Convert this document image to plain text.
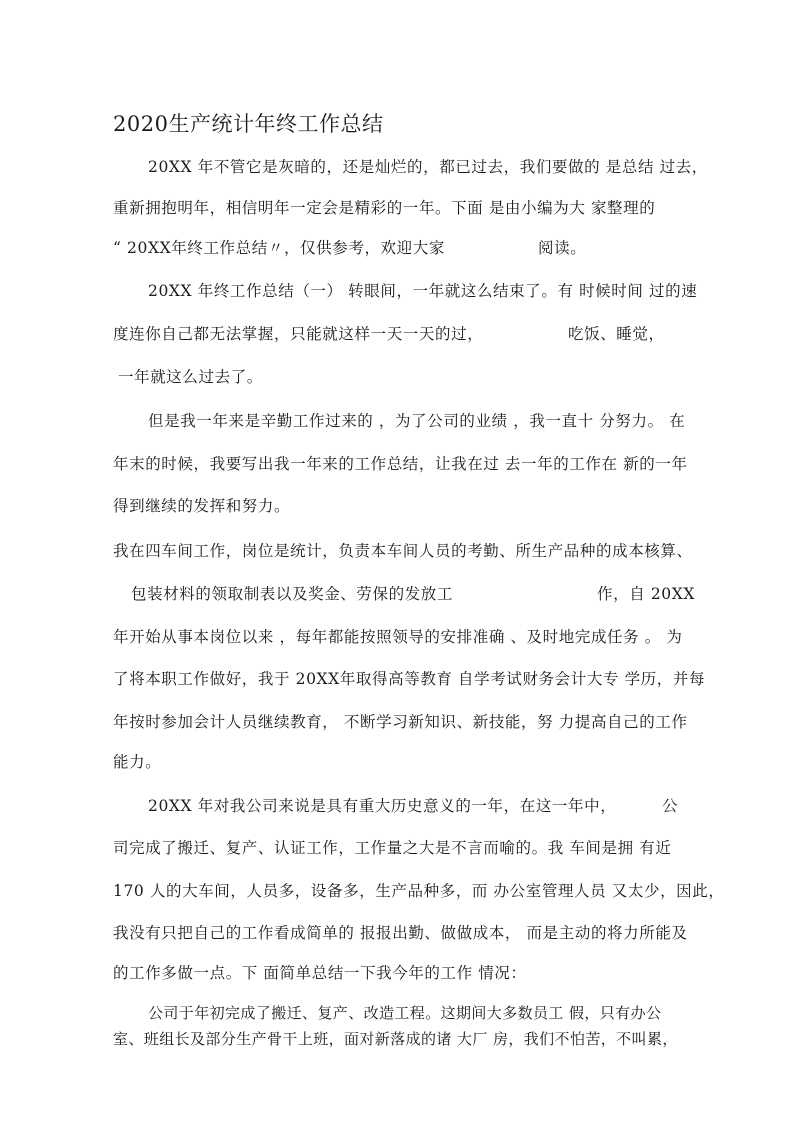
2020生产统计年终工作总结
20XX 年不管它是灰暗的，还是灿烂的，都已过去，我们要做的 是总结 过去，
重新拥抱明年，相信明年一定会是精彩的一年。下面 是由小编为大 家整理的
“ 20XX年终工作总结〃，仅供参考，欢迎大家	阅读。
20XX 年终工作总结（一） 转眼间，一年就这么结束了。有 时候时间 过的速
度连你自己都无法掌握，只能就这样一天一天的过，	吃饭、睡觉，
一年就这么过去了。
但是我一年来是辛勤工作过来的 ，为了公司的业绩 ，我一直十 分努力。 在
年末的时候，我要写出我一年来的工作总结，让我在过 去一年的工作在 新的一年
得到继续的发挥和努力。
我在四车间工作，岗位是统计，负责本车间人员的考勤、所生产品种的成本核算、
包装材料的领取制表以及奖金、劳保的发放工	作，自 20XX
年开始从事本岗位以来 ，每年都能按照领导的安排准确 、及时地完成任务 。 为
了将本职工作做好，我于 20XX年取得高等教育 自学考试财务会计大专 学历，并每
年按时参加会计人员继续教育， 不断学习新知识、新技能，努 力提高自己的工作
能力。
20XX 年对我公司来说是具有重大历史意义的一年，在这一年中，	公
司完成了搬迁、复产、认证工作，工作量之大是不言而喻的。我 车间是拥 有近
170 人的大车间，人员多，设备多，生产品种多，而 办公室管理人员 又太少，因此，
我没有只把自己的工作看成简单的 报报出勤、做做成本， 而是主动的将力所能及
的工作多做一点。下 面简单总结一下我今年的工作 情况：
公司于年初完成了搬迁、复产、改造工程。这期间大多数员工 假，只有办公
室、班组长及部分生产骨干上班，面对新落成的诸 大厂 房，我们不怕苦，不叫累，
